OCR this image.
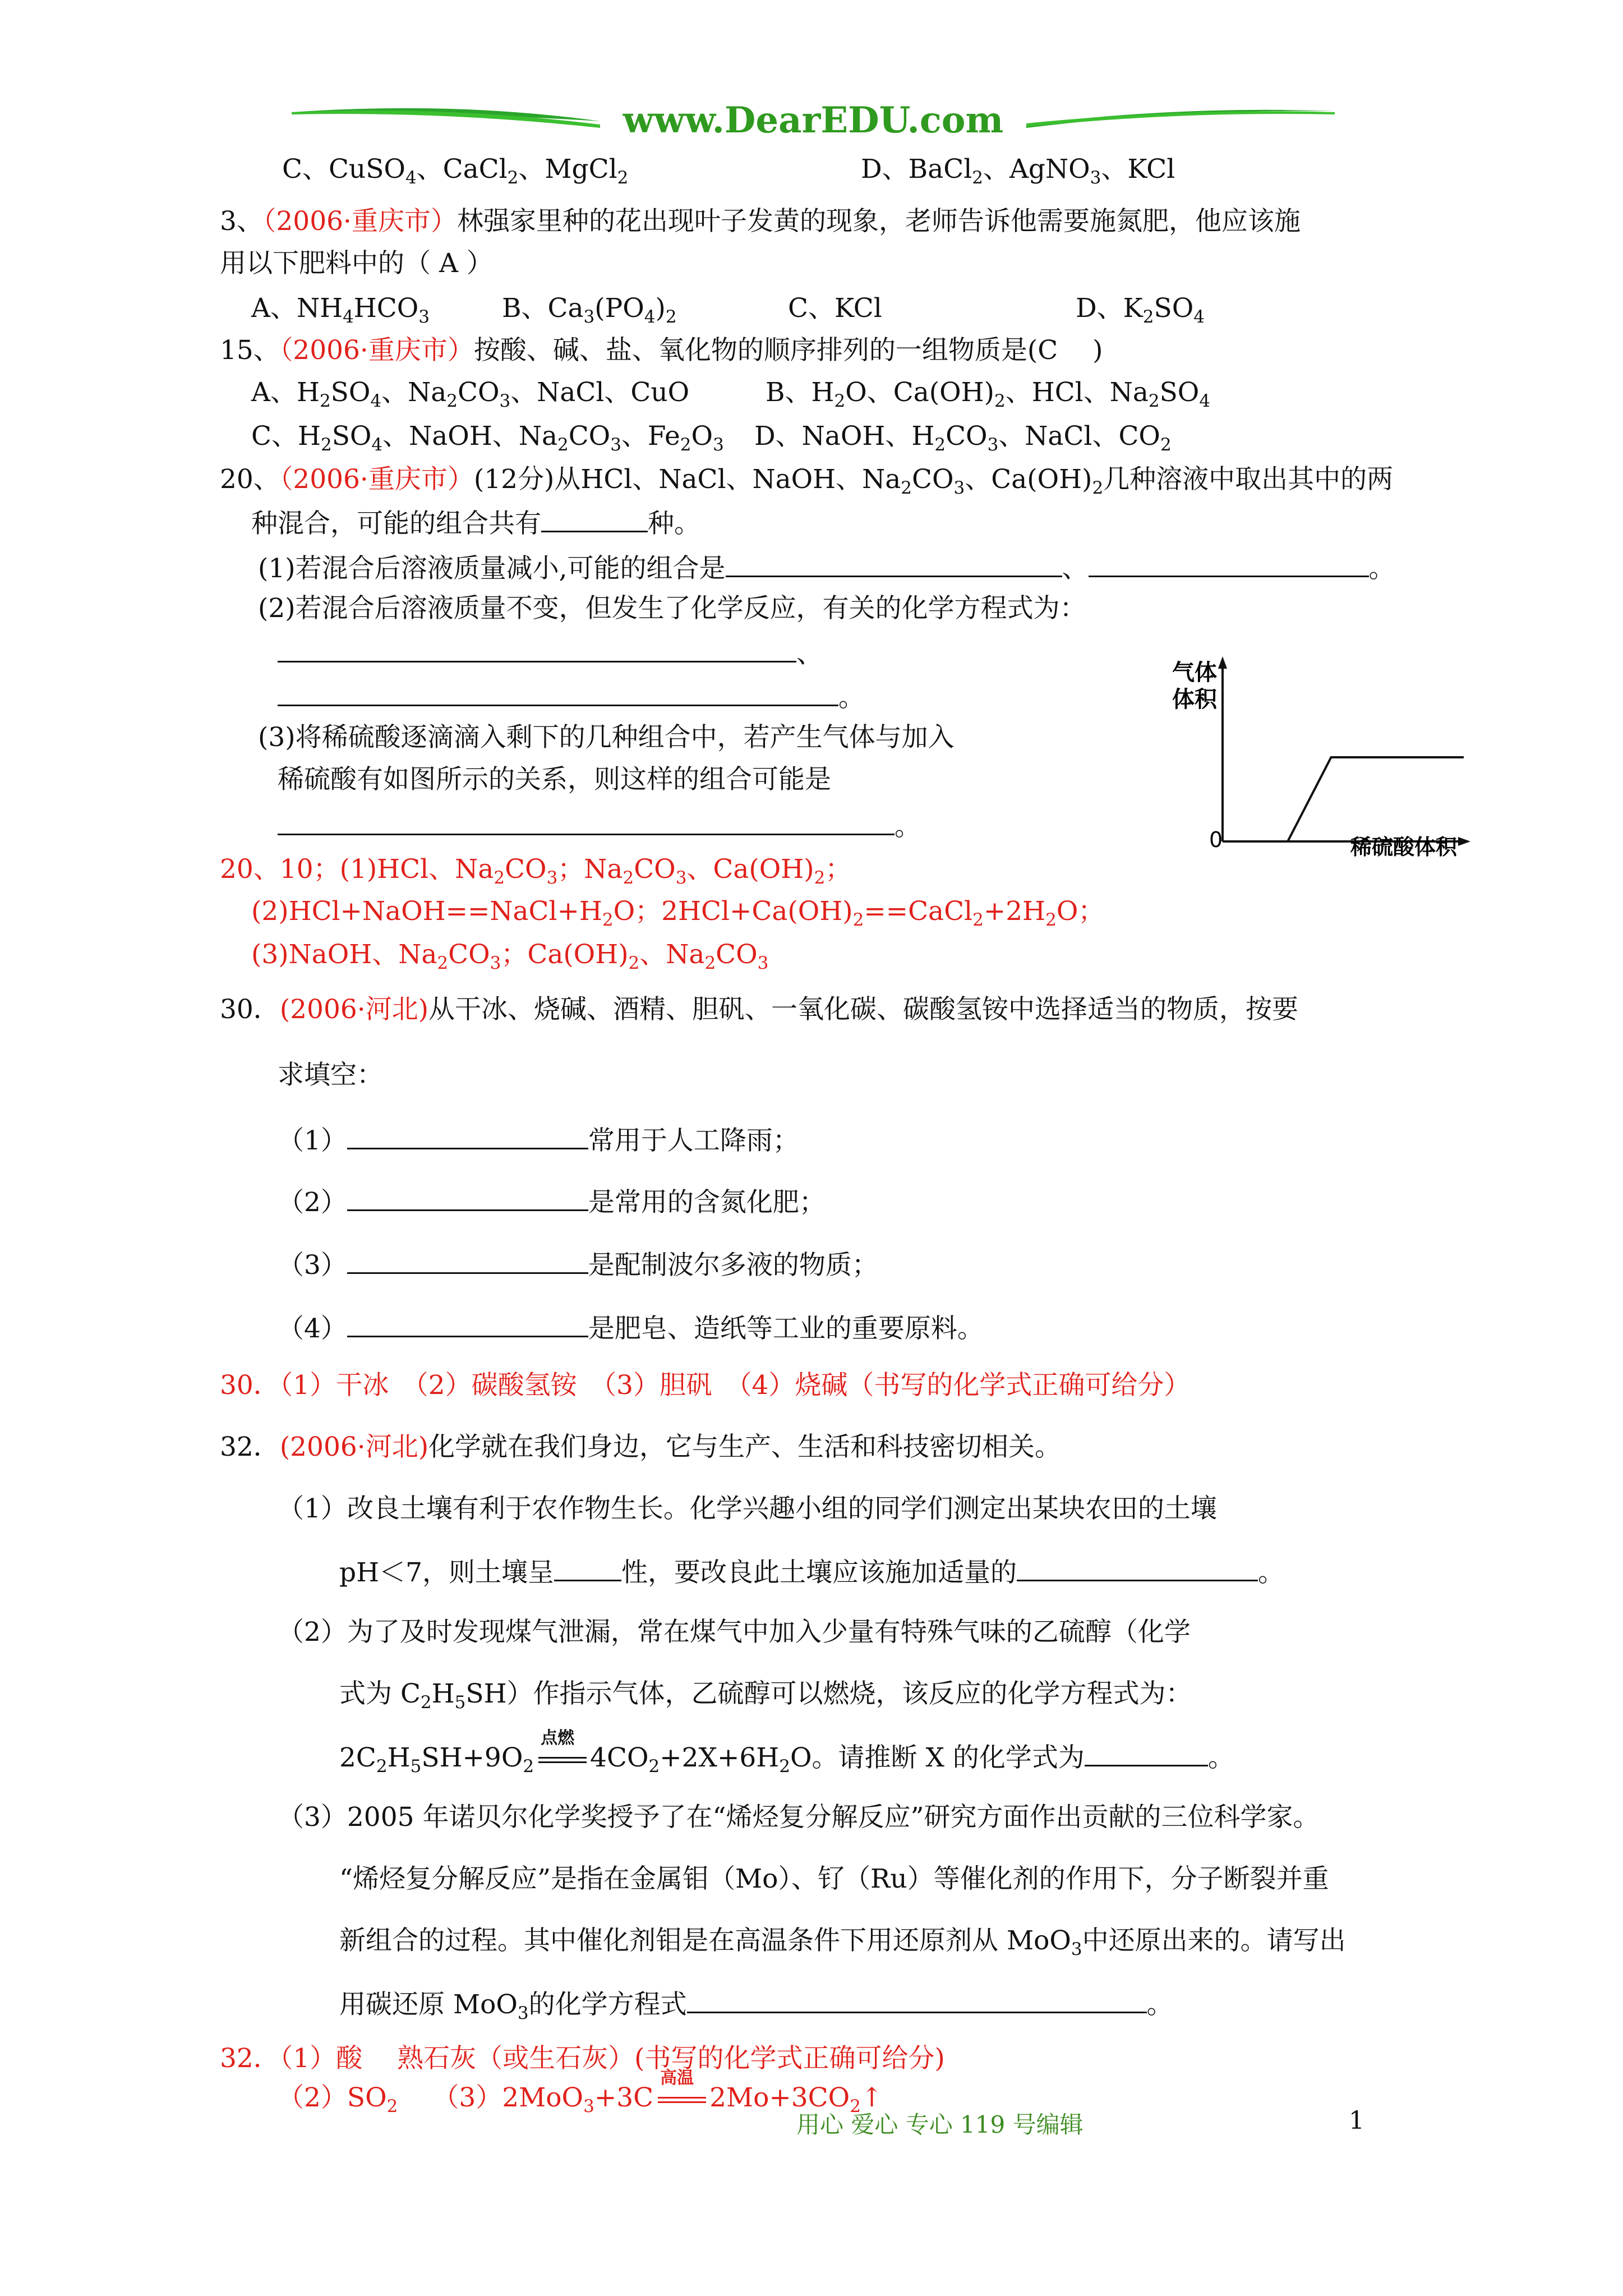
www.DearEDU.com
C、CuSO$_4$、CaCl$_2$、MgCl$_2$	D、BaCl$_2$、AgNO$_3$、KCl
3、（2006·重庆市）林强家里种的花出现叶子发黄的现象，老师告诉他需要施氮肥，他应该施
用以下肥料中的（ A ）
A、$NH_4HCO_3$	B、$Ca_3(PO_4)_2$	C、KCl	D、$K_2SO_4$
15、（2006·重庆市）按酸、碱、盐、氧化物的顺序排列的一组物质是(C　 )
A、$H_2SO_4$、$Na_2CO_3$、NaCl、CuO	B、$H_2O$、$Ca(OH)_2$、HCl、$Na_2SO_4$
C、$H_2SO_4$、NaOH、$Na_2CO_3$、$Fe_2O_3$ D、NaOH、$H_2CO_3$、NaCl、$CO_2$
20、（2006·重庆市）(12分)从HCl、NaCl、NaOH、$Na_2CO_3$、$Ca(OH)_2$几种溶液中取出其中的两
种混合，可能的组合共有	种。
(1)若混合后溶液质量减小,可能的组合是	、	。
(2)若混合后溶液质量不变，但发生了化学反应，有关的化学方程式为：
、
。
(3)将稀硫酸逐滴滴入剩下的几种组合中，若产生气体与加入
稀硫酸有如图所示的关系，则这样的组合可能是
。
气体
体积
0	稀硫酸体积
20、10；(1)HCl、$Na_2CO_3$；$Na_2CO_3$、$Ca(OH)_2$；
$(2)HCl+NaOH==NaCl+H_2O$；$2HCl+Ca(OH)_2==CaCl_2+2H_2O$；
(3)NaOH、$Na_2CO_3$；$Ca(OH)_2$、$Na_2CO_3$
30．(2006·河北)从干冰、烧碱、酒精、胆矾、一氧化碳、碳酸氢铵中选择适当的物质，按要
求填空：
（1）	常用于人工降雨；
（2）	是常用的含氮化肥；
（3）	是配制波尔多液的物质；
（4）	是肥皂、造纸等工业的重要原料。
30．（1）干冰　（2）碳酸氢铵　（3）胆矾　（4）烧碱（书写的化学式正确可给分）
32．(2006·河北)化学就在我们身边，它与生产、生活和科技密切相关。
（1）改良土壤有利于农作物生长。化学兴趣小组的同学们测定出某块农田的土壤
pH＜7，则土壤呈	性，要改良此土壤应该施加适量的	。
（2）为了及时发现煤气泄漏，常在煤气中加入少量有特殊气味的乙硫醇（化学
式为 $C_2H_5SH$）作指示气体，乙硫醇可以燃烧，该反应的化学方程式为：
$2C_2H_5SH+9O_2$
点燃
$4CO_2+2X+6H_2O$。请推断 X 的化学式为	。
（3）2005 年诺贝尔化学奖授予了在“烯烃复分解反应”研究方面作出贡献的三位科学家。
“烯烃复分解反应”是指在金属钼（Mo）、钌（Ru）等催化剂的作用下，分子断裂并重
新组合的过程。其中催化剂钼是在高温条件下用还原剂从 MoO$_3$中还原出来的。请写出
用碳还原 MoO$_3$的化学方程式	。
32．（1）酸　 熟石灰（或生石灰）(书写的化学式正确可给分)
$(2)SO_2$　 （3）2MoO$_3$+3C
高温
$2Mo+3CO_2↑$
用心 爱心 专心 119 号编辑	1
